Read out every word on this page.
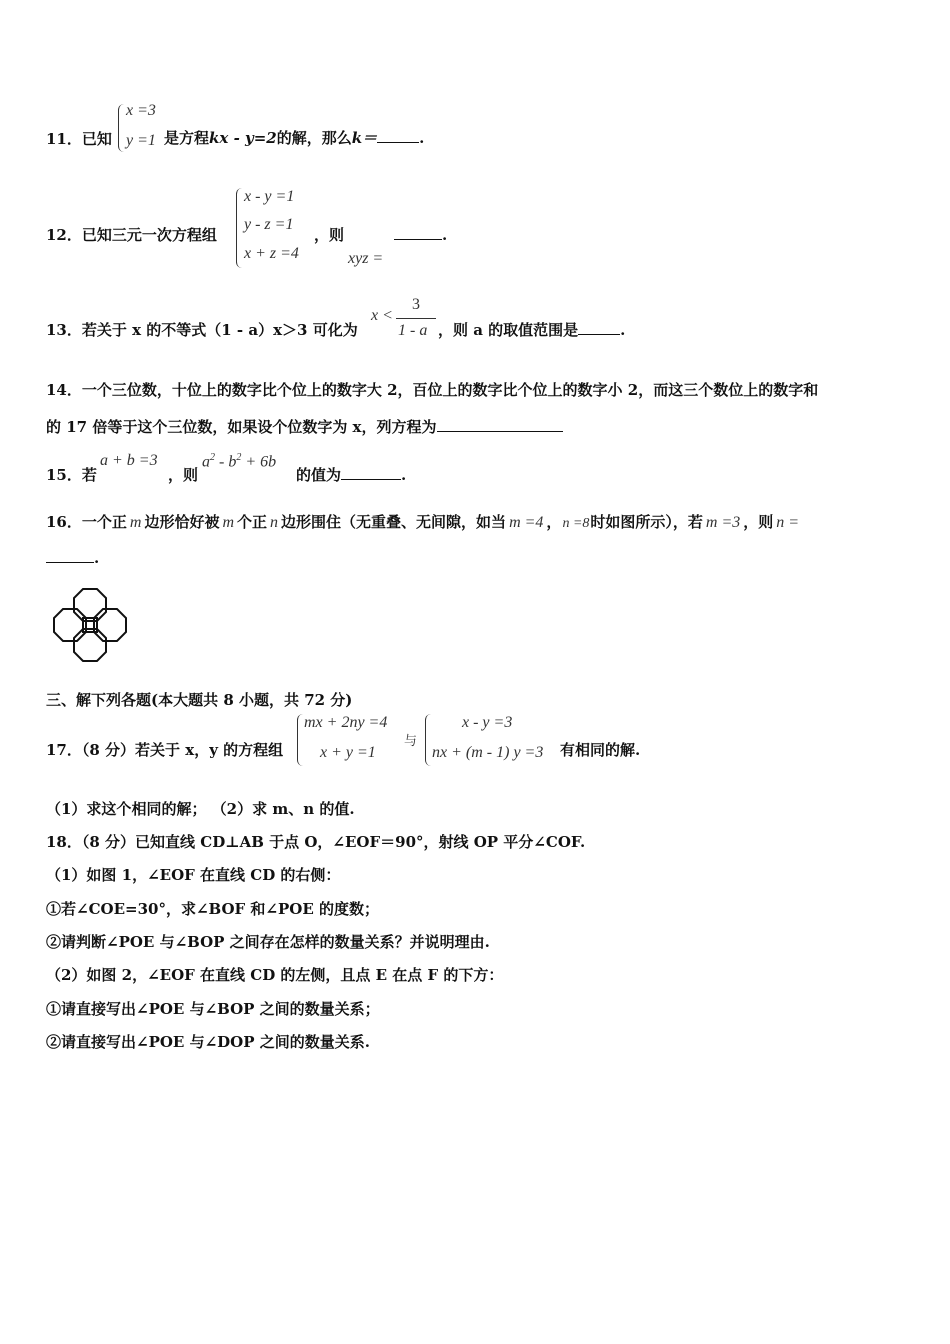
x =3
y =1
11．已知	是方程kx - y=2的解，那么k＝	.
x - y =1
y - z =1
x + z =4
12．已知三元一次方程组	，则
xyz =
.
13．若关于 x 的不等式（1 - a）x＞3 可化为
x <
3
1 - a ，则 a 的取值范围是	.
14．一个三位数，十位上的数字比个位上的数字大 2，百位上的数字比个位上的数字小 2，而这三个数位上的数字和
的 17 倍等于这个三位数，如果设个位数字为 x，列方程为
15．若
a + b =3
，则
$a^2 - b^2 + 6b$
的值为	.
16．一个正 m 边形恰好被 m 个正 n 边形围住（无重叠、无间隙，如当 m =4 ，n =8时如图所示），若 m =3 ，则 n =
.
三、解下列各题(本大题共 8 小题，共 72 分)
17．（8 分）若关于 x，y 的方程组
mx + 2ny =4
x + y =1
与
x - y =3
nx + (m - 1) y =3 有相同的解.
（1）求这个相同的解； （2）求 m、n 的值.
18．（8 分）已知直线 CD⊥AB 于点 O，∠EOF＝90°，射线 OP 平分∠COF.
（1）如图 1，∠EOF 在直线 CD 的右侧：
①若∠COE=30°，求∠BOF 和∠POE 的度数；
②请判断∠POE 与∠BOP 之间存在怎样的数量关系？并说明理由.
（2）如图 2，∠EOF 在直线 CD 的左侧，且点 E 在点 F 的下方：
①请直接写出∠POE 与∠BOP 之间的数量关系；
②请直接写出∠POE 与∠DOP 之间的数量关系.
